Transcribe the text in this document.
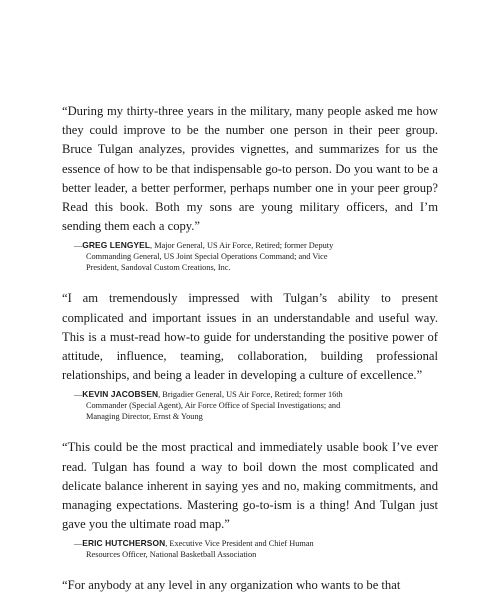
“During my thirty-three years in the military, many people asked me how they could improve to be the number one person in their peer group. Bruce Tulgan analyzes, provides vignettes, and summarizes for us the essence of how to be that indispensable go-to person. Do you want to be a better leader, a better performer, perhaps number one in your peer group? Read this book. Both my sons are young military officers, and I’m sending them each a copy.”

—GREG LENGYEL, Major General, US Air Force, Retired; former Deputy Commanding General, US Joint Special Operations Command; and Vice President, Sandoval Custom Creations, Inc.

“I am tremendously impressed with Tulgan’s ability to present complicated and important issues in an understandable and useful way. This is a must-read how-to guide for understanding the positive power of attitude, influence, teaming, collaboration, building professional relationships, and being a leader in developing a culture of excellence.”

—KEVIN JACOBSEN, Brigadier General, US Air Force, Retired; former 16th Commander (Special Agent), Air Force Office of Special Investigations; and Managing Director, Ernst & Young

“This could be the most practical and immediately usable book I’ve ever read. Tulgan has found a way to boil down the most complicated and delicate balance inherent in saying yes and no, making commitments, and managing expectations. Mastering go-to-ism is a thing! And Tulgan just gave you the ultimate road map.”

—ERIC HUTCHERSON, Executive Vice President and Chief Human Resources Officer, National Basketball Association

“For anybody at any level in any organization who wants to be that
